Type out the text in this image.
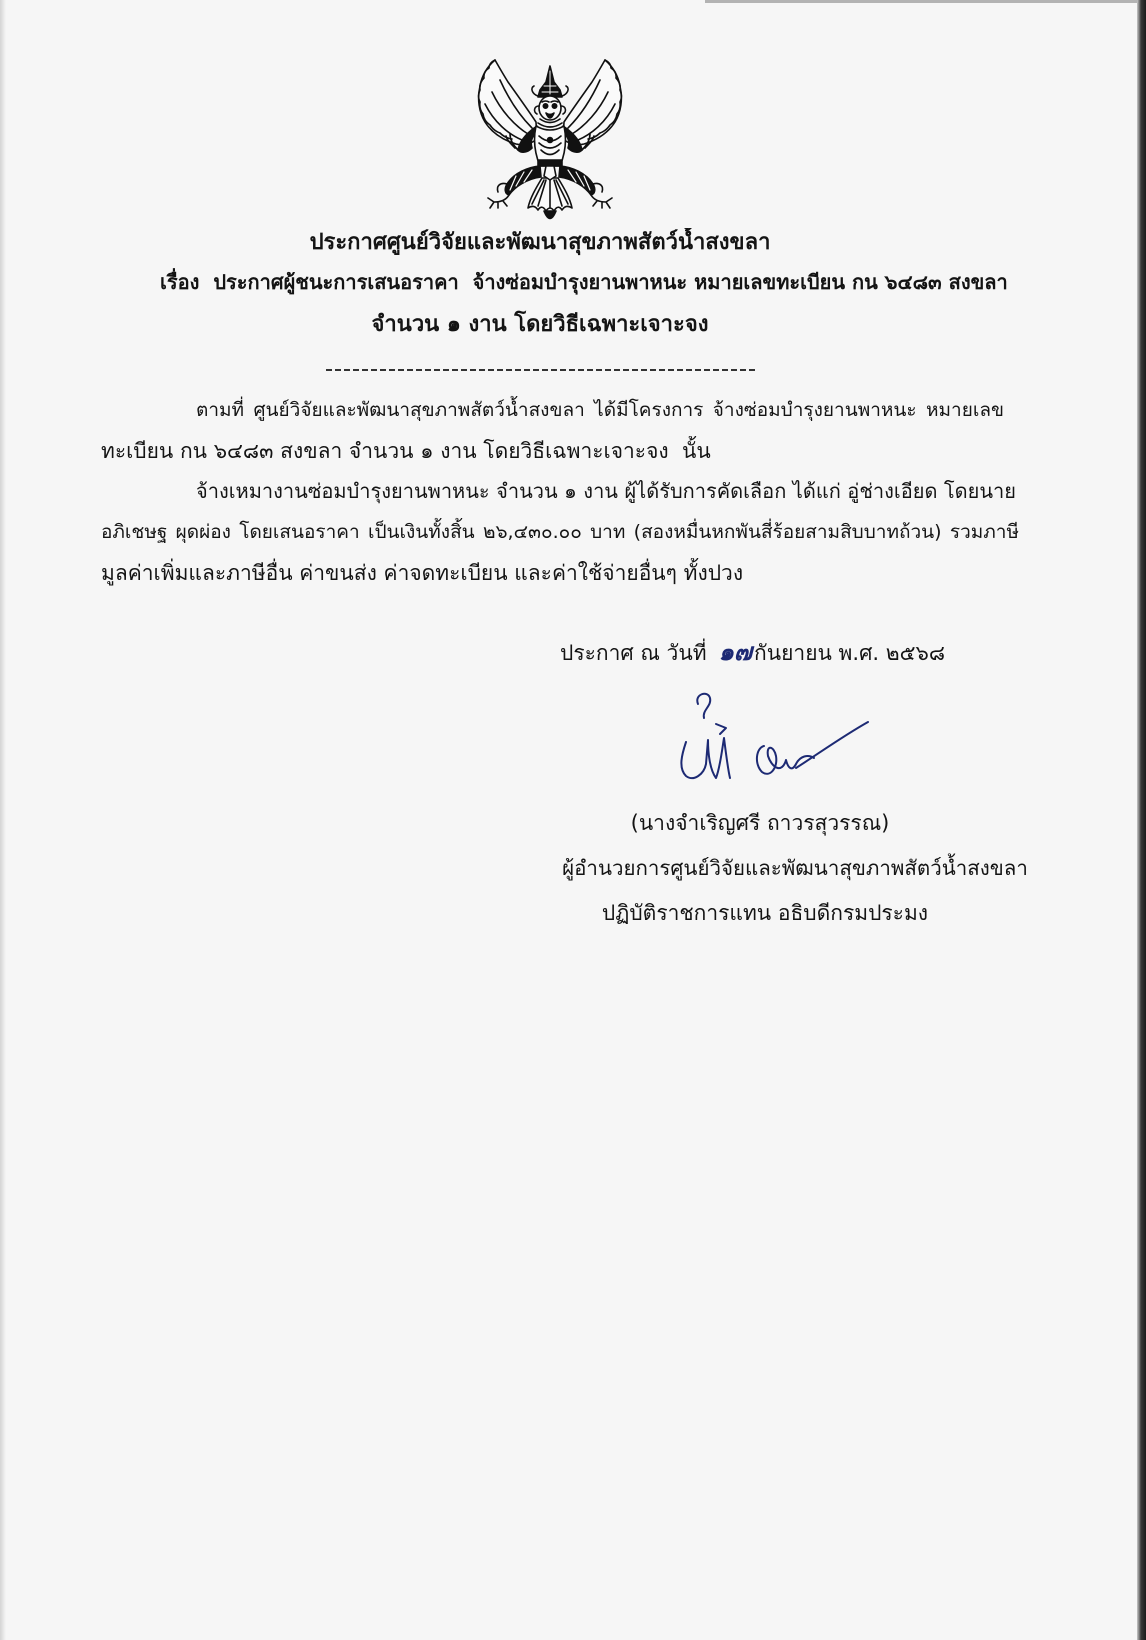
ประกาศศูนย์วิจัยและพัฒนาสุขภาพสัตว์น้ำสงขลา
เรื่อง ประกาศผู้ชนะการเสนอราคา  จ้างซ่อมบำรุงยานพาหนะ หมายเลขทะเบียน กน ๖๔๘๓ สงขลา
จำนวน ๑ งาน โดยวิธีเฉพาะเจาะจง
ตามที่ ศูนย์วิจัยและพัฒนาสุขภาพสัตว์น้ำสงขลา ได้มีโครงการ จ้างซ่อมบำรุงยานพาหนะ หมายเลข
ทะเบียน กน ๖๔๘๓ สงขลา จำนวน ๑ งาน โดยวิธีเฉพาะเจาะจง  นั้น
จ้างเหมางานซ่อมบำรุงยานพาหนะ จำนวน ๑ งาน ผู้ได้รับการคัดเลือก ได้แก่ อู่ช่างเอียด โดยนาย
อภิเชษฐ ผุดผ่อง โดยเสนอราคา เป็นเงินทั้งสิ้น ๒๖,๔๓๐.๐๐ บาท (สองหมื่นหกพันสี่ร้อยสามสิบบาทถ้วน) รวมภาษี
มูลค่าเพิ่มและภาษีอื่น ค่าขนส่ง ค่าจดทะเบียน และค่าใช้จ่ายอื่นๆ ทั้งปวง
ประกาศ ณ วันที่ ๑๗กันยายน พ.ศ. ๒๕๖๘
(นางจำเริญศรี ถาวรสุวรรณ)
ผู้อำนวยการศูนย์วิจัยและพัฒนาสุขภาพสัตว์น้ำสงขลา
ปฏิบัติราชการแทน อธิบดีกรมประมง
